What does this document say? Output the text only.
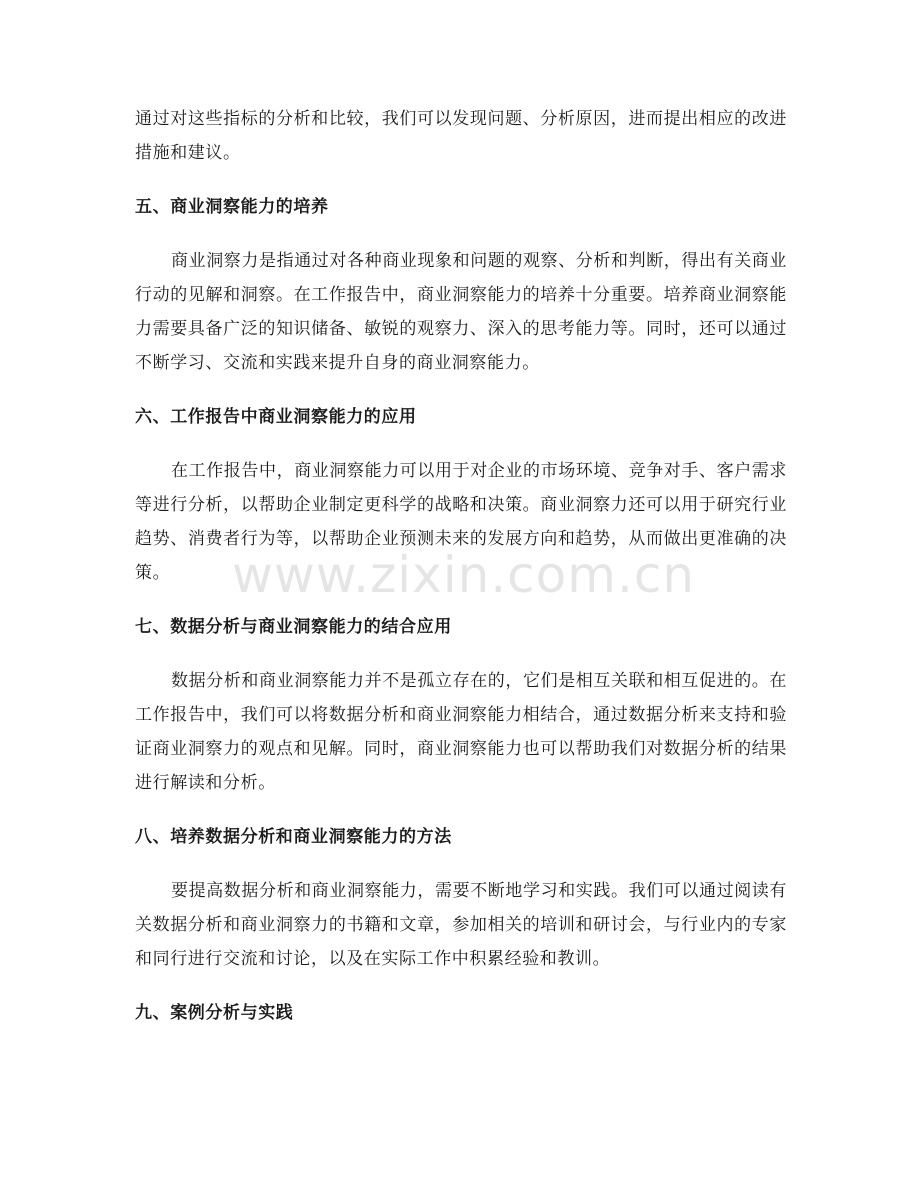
通过对这些指标的分析和比较，我们可以发现问题、分析原因，进而提出相应的改进措施和建议。

五、商业洞察能力的培养

商业洞察力是指通过对各种商业现象和问题的观察、分析和判断，得出有关商业行动的见解和洞察。在工作报告中，商业洞察能力的培养十分重要。培养商业洞察能力需要具备广泛的知识储备、敏锐的观察力、深入的思考能力等。同时，还可以通过不断学习、交流和实践来提升自身的商业洞察能力。

六、工作报告中商业洞察能力的应用

在工作报告中，商业洞察能力可以用于对企业的市场环境、竞争对手、客户需求等进行分析，以帮助企业制定更科学的战略和决策。商业洞察力还可以用于研究行业趋势、消费者行为等，以帮助企业预测未来的发展方向和趋势，从而做出更准确的决策。

七、数据分析与商业洞察能力的结合应用

数据分析和商业洞察能力并不是孤立存在的，它们是相互关联和相互促进的。在工作报告中，我们可以将数据分析和商业洞察能力相结合，通过数据分析来支持和验证商业洞察力的观点和见解。同时，商业洞察能力也可以帮助我们对数据分析的结果进行解读和分析。

八、培养数据分析和商业洞察能力的方法

要提高数据分析和商业洞察能力，需要不断地学习和实践。我们可以通过阅读有关数据分析和商业洞察力的书籍和文章，参加相关的培训和研讨会，与行业内的专家和同行进行交流和讨论，以及在实际工作中积累经验和教训。

九、案例分析与实践
www.zixin.com.cn
